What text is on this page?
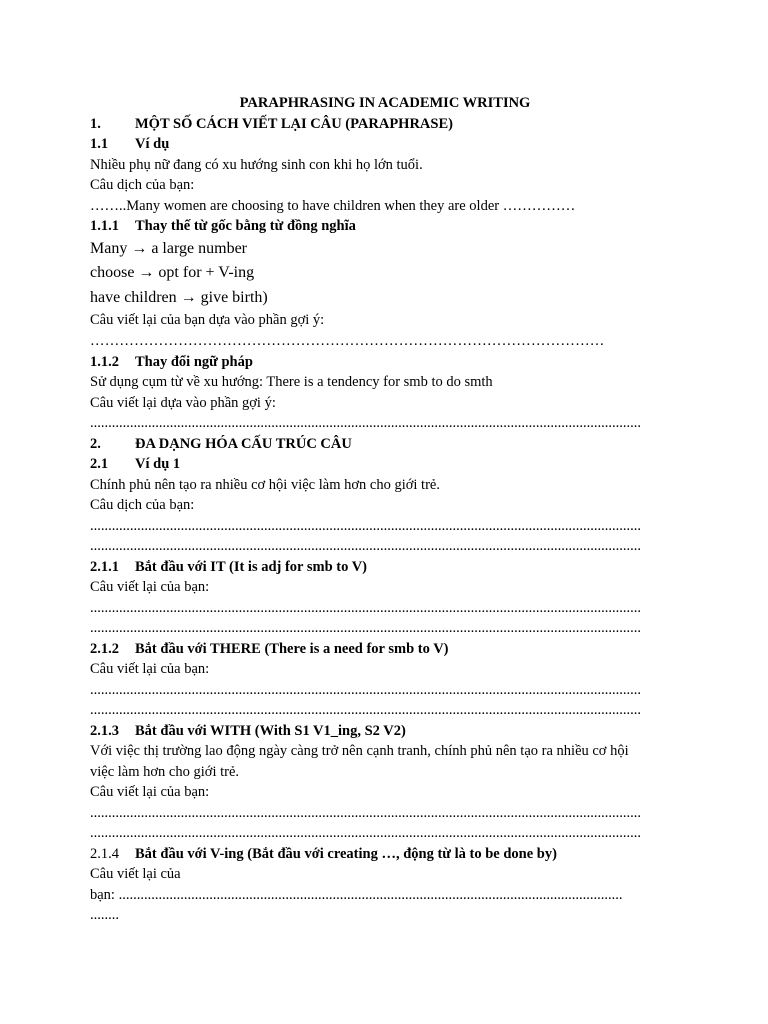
PARAPHRASING IN ACADEMIC WRITING
1. MỘT SỐ CÁCH VIẾT LẠI CÂU (PARAPHRASE)
1.1 Ví dụ
Nhiều phụ nữ đang có xu hướng sinh con khi họ lớn tuổi.
Câu dịch của bạn:
……..Many women are choosing to have children when they are older ……………
1.1.1 Thay thế từ gốc bằng từ đồng nghĩa
Many → a large number
choose → opt for + V-ing
have children → give birth)
Câu viết lại của bạn dựa vào phần gợi ý:
……………………………………………………………………………………………
1.1.2 Thay đổi ngữ pháp
Sử dụng cụm từ về xu hướng: There is a tendency for smb to do smth
Câu viết lại dựa vào phần gợi ý:
........................................................................................................................................................
2. ĐA DẠNG HÓA CẤU TRÚC CÂU
2.1 Ví dụ 1
Chính phủ nên tạo ra nhiều cơ hội việc làm hơn cho giới trẻ.
Câu dịch của bạn:
........................................................................................................................................................
........................................................................................................................................................
2.1.1 Bắt đầu với IT (It is adj for smb to V)
Câu viết lại của bạn:
........................................................................................................................................................
........................................................................................................................................................
2.1.2 Bắt đầu với THERE (There is a need for smb to V)
Câu viết lại của bạn:
........................................................................................................................................................
........................................................................................................................................................
2.1.3 Bắt đầu với WITH (With S1 V1_ing, S2 V2)
Với việc thị trường lao động ngày càng trở nên cạnh tranh, chính phủ nên tạo ra nhiều cơ hội
việc làm hơn cho giới trẻ.
Câu viết lại của bạn:
........................................................................................................................................................
........................................................................................................................................................
2.1.4 Bắt đầu với V-ing (Bắt đầu với creating …, động từ là to be done by)
Câu viết lại của
bạn: ...........................................................................................................................................
........
